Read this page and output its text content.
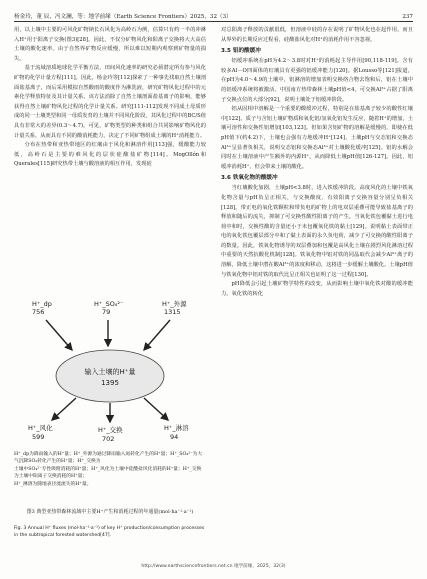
杨金玲，董 辰，冯文澜，等：地学前缘（Earth Science Frontiers）2025，32（3）	237

用，以上壤中主要的可风化矿物钠长石风化为高岭石为例，估算只有约一半的冲淋入H⁺用于阳离子交换(图3)[28]。因此，不仅分矿物风化和阳离子交换将大大高估土壤的酸化速率。由于自然界矿物反应缓慢，所以难以短期内观察到矿物量的损失。

基于流域溶质地球化学平衡方法，田间风化速率的研究必须潜定所有参与风化矿物的化学计量方程[111]。因此，杨金玲等[112]探索了一种事先找取自然土壤剖面盐基离子，而后采用模拟自然酸雨的酸度作为淋洗液，研究矿物风化过程中的元素化学释放特征及其计量关系。该方法消除了自然土壤剖面盐基离子的影响，能够获得自然土壤矿物风化过程的化学计量关系。研究[111-112]发现不同成土母质形成的同一土壤类型和同一母质发育的土壤并不同风化阶段，其风化过程中的BC/S值具有非常大的差异(0.3～4.7)。可见，矿物类型的种类和组合共同影响矿物风化的计量关系，从而具有不同的酸消耗能力，决定了不同矿物组成土壤的H⁺消耗能力。

分布在热带和亚热带地区的红壤由于风化和淋溶作用[113]强，缓酸能力较低，高岭石是主要的难风化的层状硅酸盐矿物[114]。MogOllón和Querales[115]研究热带土壤与酸溶液的相互作用，发现硅

H⁺_dp
756
H⁺_SO₄²⁻
79
H⁺_外源
1315
输入土壤的H⁺量
1395
H⁺_风化
599
H⁺_交换
702
H⁺_淋溶
94

H⁺_dp为降雨输入的H⁺量；H⁺_外源为通过降雨输入氮转化产生的H⁺量；H⁺_SO₄²⁻为大气沉降SO₂转化产生的H⁺量；H⁺_交换为

土壤中SO₄²⁻专性吸附消耗的H⁺量；H⁺_风化为土壤中硅酸盐风化消耗的H⁺量；H⁺_交换为土壤中阳离子交换消耗的H⁺量；

H⁺_淋溶为随地表径流流失的H⁺量。

图3 典型亚热带森林流域中主要H⁺产生和消耗过程的年通量(mol·ha⁻¹·a⁻¹)
Fig. 3 Annual H⁺ fluxes (mol·ha⁻¹·a⁻¹) of key H⁺ production/consumption processes in the subtropical forested watershed[47].

对总阳离子释放的贡献很低，但溶液中硅的存在说明了矿物风化也在起作用，而且从界外的长期反应过程看，硅酸盐风化对H⁺的消耗作用不容忽视。

3.5 铝的酸缓冲

铝缓冲系统在pH为4.2～3.8时对H⁺的消耗起主导作用[90,118-119]。含有较多Al－O四面体的红壤具有更强的铝缓冲能力[120]。据Lousso等[121]报道，在pH为4.0～4.9的土壤中，铝淋溶的增加表明交换络合物去饱和后，铝在土壤中的铝缓冲系统将被激活。中国南方热带森林土壤pH值<4，可交换Al³⁺占据了阳离子交换点位的大部分[92]，说明土壤处于铝缓冲阶段。

铝从固相中溶解是一个重要的酸缓冲过程，特别是在盐基离子较少的酸性红壤中[122]。质子与含铝土壤矿物质和氧化铝/氢氧化铝发生反应，随着H⁺的增加，土壤可溶性和交换性铝增加[103,123]。但如果含铝矿物的溶解是缓慢的，即使在低pH值下(约4.2)下，土壤也会强有力地缓冲H⁺[124]，土壤pH与交态铝和交换态Al³⁺呈显著负相关，说明交态铝和交换态Al³⁺对土壤酸化缓冲[125]。铝的水解会同时在土壤溶液中产生额外的内源H⁺，从而降低土壤pH值[126-127]。因此，铝缓冲消耗H⁺，但会带来土壤的酸化。

3.6 铁氧化物的酸缓冲

当红壤酸化加剧，土壤pH<3.8时，进入铁缓冲阶段。高度风化的土壤中铁氧化物含量与pH负呈正相关，与交换酸度、有效阳离子交换容量分别呈负相关[128]。带正电的氧化铁颗粒和带负电的矿物上的电双层重叠可能导致盐基离子的释放和随后的流失，抑制了可交换性酸性阳离子的产生。当氧化铁包覆黏土进行电荷中和时，交换性酸的含量还小于未包覆氧化铁的黏土[129]。说明黏土表面带正电的氧化铁包覆层部分中和了黏土表面的永久负电荷，减少了可交换的酸性阳离子的数量。因此，铁氧化物诱导的双层叠加和包覆是高风化土壤在剧烈风化淋溶过程中重要的天然抗酸化机制[128]。铁氧化物中铝对铁的同晶取代会减少Al³⁺离子的溶解，降低土壤中潜在酸Al³⁺的浓度和移动，这将进一步缓解土壤酸化。土壤pH值与铁氧化物中铝对铁的取代比呈正相关也证明了这一过程[130]。

pH降低会引起土壤矿物学特性的改变，从而影响土壤中氧化铁对酸的缓冲能力。氧化铁的转化

http://www.earthsciencefrontiers.net.cn 地学前缘，2025，32(3)
